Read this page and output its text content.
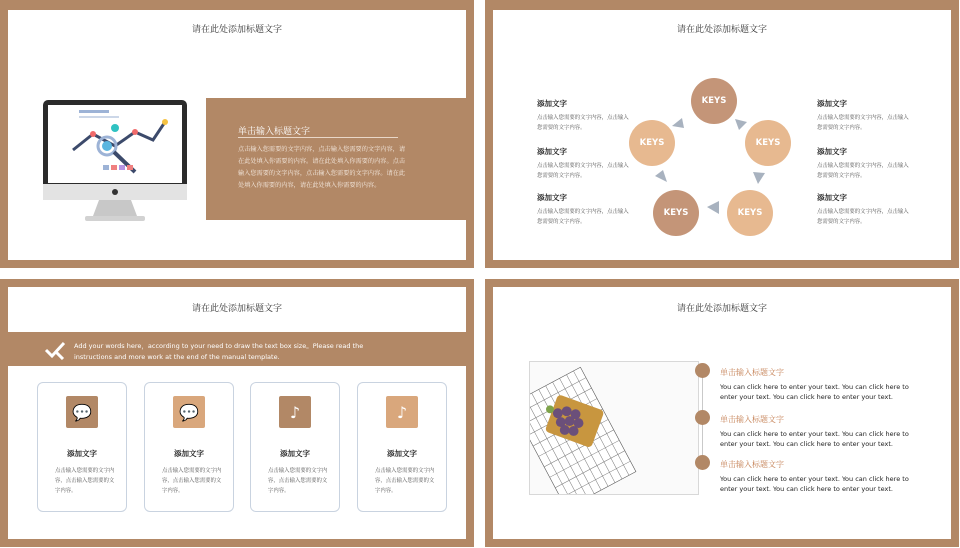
请在此处添加标题文字
单击输入标题文字
点击输入您需要的文字内容，点击输入您需要的文字内容，请在此处填入你需要的内容。请在此处填入你需要的内容。点击输入您需要的文字内容，点击输入您需要的文字内容。请在此处填入你需要的内容，请在此处填入你需要的内容。
请在此处添加标题文字
添加文字
点击输入您需要的文字内容，点击输入您需要的文字内容。
添加文字
点击输入您需要的文字内容，点击输入您需要的文字内容。
添加文字
点击输入您需要的文字内容，点击输入您需要的文字内容。
添加文字
点击输入您需要的文字内容，点击输入您需要的文字内容。
添加文字
点击输入您需要的文字内容，点击输入您需要的文字内容。
添加文字
点击输入您需要的文字内容，点击输入您需要的文字内容。
KEYS
KEYS
KEYS
KEYS
KEYS
请在此处添加标题文字
Add your words here，according to your need to draw the text box size。Please read the instructions and more work at the end of the manual template.
💬
添加文字
点击输入您需要的文字内容，点击输入您需要的文字内容。
💬
添加文字
点击输入您需要的文字内容，点击输入您需要的文字内容。
♪
添加文字
点击输入您需要的文字内容，点击输入您需要的文字内容。
♪
添加文字
点击输入您需要的文字内容，点击输入您需要的文字内容。
请在此处添加标题文字
单击输入标题文字
You can click here to enter your text. You can click here to enter your text. You can click here to enter your text.
单击输入标题文字
You can click here to enter your text. You can click here to enter your text. You can click here to enter your text.
单击输入标题文字
You can click here to enter your text. You can click here to enter your text. You can click here to enter your text.
